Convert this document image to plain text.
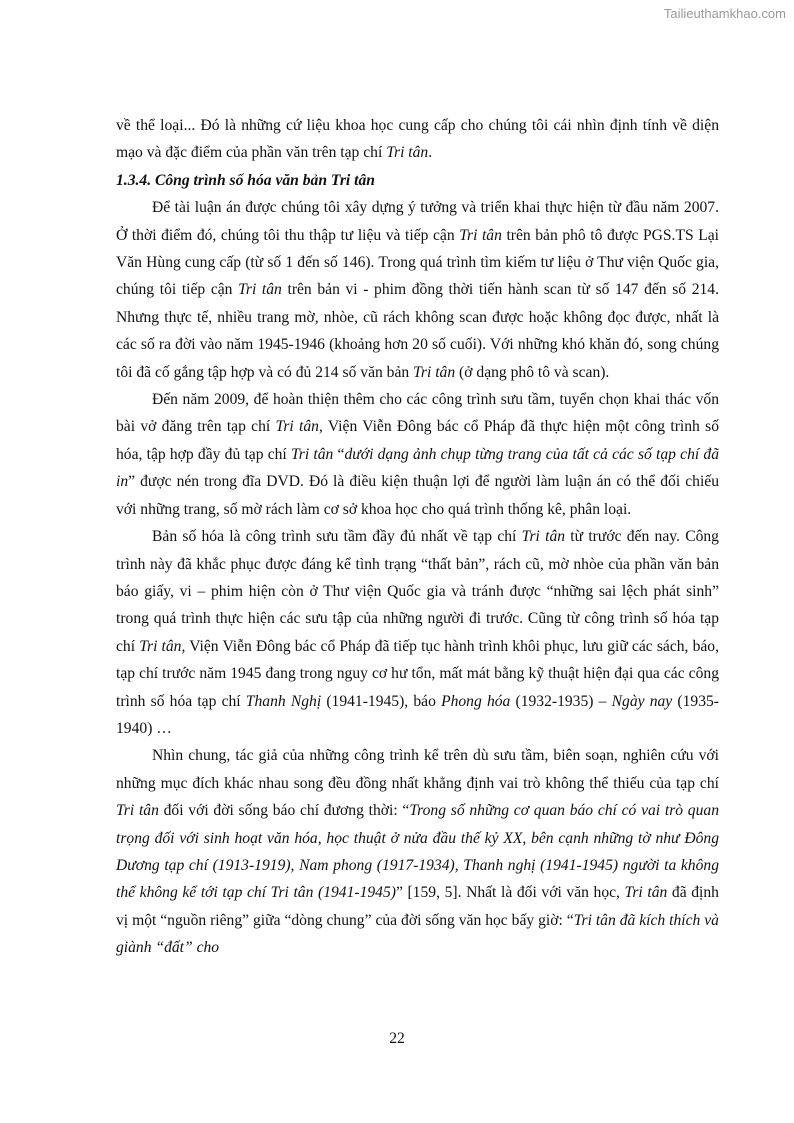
Tailieuthamkhao.com

về thể loại... Đó là những cứ liệu khoa học cung cấp cho chúng tôi cái nhìn định tính về diện mạo và đặc điểm của phần văn trên tạp chí Tri tân.

1.3.4. Công trình số hóa văn bản Tri tân

Để tài luận án được chúng tôi xây dựng ý tưởng và triển khai thực hiện từ đầu năm 2007. Ở thời điểm đó, chúng tôi thu thập tư liệu và tiếp cận Tri tân trên bản phô tô được PGS.TS Lại Văn Hùng cung cấp (từ số 1 đến số 146). Trong quá trình tìm kiếm tư liệu ở Thư viện Quốc gia, chúng tôi tiếp cận Tri tân trên bản vi - phim đồng thời tiến hành scan từ số 147 đến số 214. Nhưng thực tế, nhiều trang mờ, nhòe, cũ rách không scan được hoặc không đọc được, nhất là các số ra đời vào năm 1945-1946 (khoảng hơn 20 số cuối). Với những khó khăn đó, song chúng tôi đã cố gắng tập hợp và có đủ 214 số văn bản Tri tân (ở dạng phô tô và scan).

Đến năm 2009, để hoàn thiện thêm cho các công trình sưu tầm, tuyển chọn khai thác vốn bài vở đăng trên tạp chí Tri tân, Viện Viễn Đông bác cổ Pháp đã thực hiện một công trình số hóa, tập hợp đầy đủ tạp chí Tri tân “dưới dạng ảnh chụp từng trang của tất cả các số tạp chí đã in” được nén trong đĩa DVD. Đó là điều kiện thuận lợi để người làm luận án có thể đối chiếu với những trang, số mờ rách làm cơ sở khoa học cho quá trình thống kê, phân loại.

Bản số hóa là công trình sưu tầm đầy đủ nhất về tạp chí Tri tân từ trước đến nay. Công trình này đã khắc phục được đáng kể tình trạng “thất bản”, rách cũ, mờ nhòe của phần văn bản báo giấy, vi – phim hiện còn ở Thư viện Quốc gia và tránh được “những sai lệch phát sinh” trong quá trình thực hiện các sưu tập của những người đi trước. Cũng từ công trình số hóa tạp chí Tri tân, Viện Viễn Đông bác cổ Pháp đã tiếp tục hành trình khôi phục, lưu giữ các sách, báo, tạp chí trước năm 1945 đang trong nguy cơ hư tổn, mất mát bằng kỹ thuật hiện đại qua các công trình số hóa tạp chí Thanh Nghị (1941-1945), báo Phong hóa (1932-1935) – Ngày nay (1935-1940) …

Nhìn chung, tác giả của những công trình kể trên dù sưu tầm, biên soạn, nghiên cứu với những mục đích khác nhau song đều đồng nhất khẳng định vai trò không thể thiếu của tạp chí Tri tân đối với đời sống báo chí đương thời: “Trong số những cơ quan báo chí có vai trò quan trọng đối với sinh hoạt văn hóa, học thuật ở nửa đầu thế kỷ XX, bên cạnh những tờ như Đông Dương tạp chí (1913-1919), Nam phong (1917-1934), Thanh nghị (1941-1945) người ta không thể không kể tới tạp chí Tri tân (1941-1945)” [159, 5]. Nhất là đối với văn học, Tri tân đã định vị một “nguồn riêng” giữa “dòng chung” của đời sống văn học bấy giờ: “Tri tân đã kích thích và giành “đất” cho

22
